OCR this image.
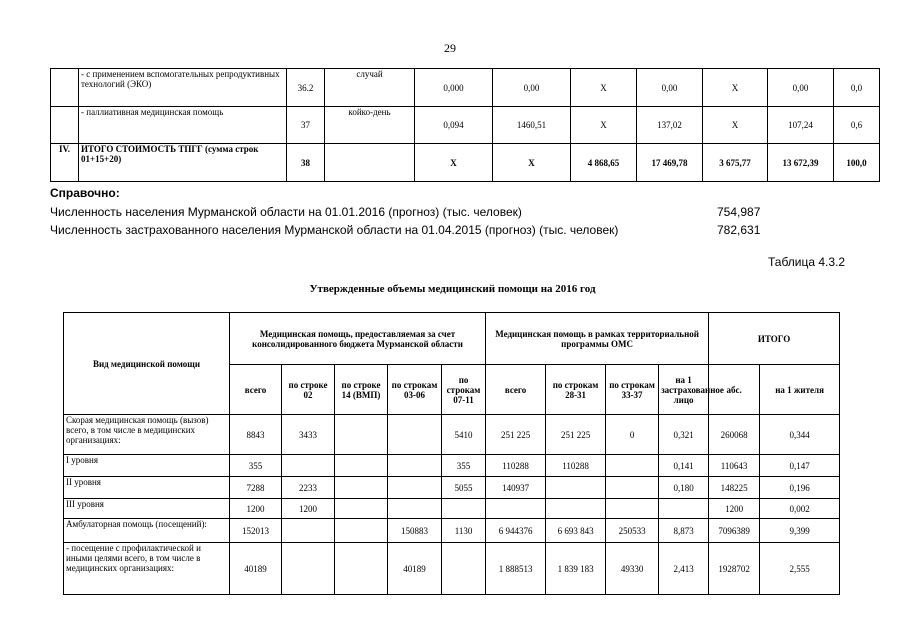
29
	- с применением вспомогательных репродуктивных технологий (ЭКО)	36.2	случай	0,000	0,00	Х	0,00	Х	0,00	0,0
	- паллиативная медицинская помощь	37	койко-день	0,094	1460,51	Х	137,02	Х	107,24	0,6
IV.	ИТОГО СТОИМОСТЬ ТПГГ (сумма строк 01+15+20)	38		Х	Х	4 868,65	17 469,78	3 675,77	13 672,39	100,0
Справочно:
Численность населения Мурманской области на 01.01.2016 (прогноз) (тыс. человек)	754,987
Численность застрахованного населения Мурманской области на 01.04.2015 (прогноз) (тыс. человек)	782,631
Таблица 4.3.2
Утвержденные объемы медицинский помощи на 2016 год
Вид медицинской помощи	Медицинская помощь, предоставляемая за счет консолидированного бюджета Мурманской области					Медицинская помощь в рамках территориальной программы ОМС				ИТОГО	
	всего	по строке 02	по строке 14 (ВМП)	по строкам 03-06	по строкам 07-11	всего	по строкам 28-31	по строкам 33-37	на 1 застрахованное лицо	абс.	на 1 жителя
Скорая медицинская помощь (вызов) всего, в том числе в медицинских организациях:	8843	3433			5410	251 225	251 225	0	0,321	260068	0,344
I уровня	355				355	110288	110288		0,141	110643	0,147
II уровня	7288	2233			5055	140937			0,180	148225	0,196
III уровня	1200	1200								1200	0,002
Амбулаторная помощь (посещений):	152013			150883	1130	6 944376	6 693 843	250533	8,873	7096389	9,399
- посещение с профилактической и иными целями всего, в том числе в медицинских организациях:	40189			40189		1 888513	1 839 183	49330	2,413	1928702	2,555
